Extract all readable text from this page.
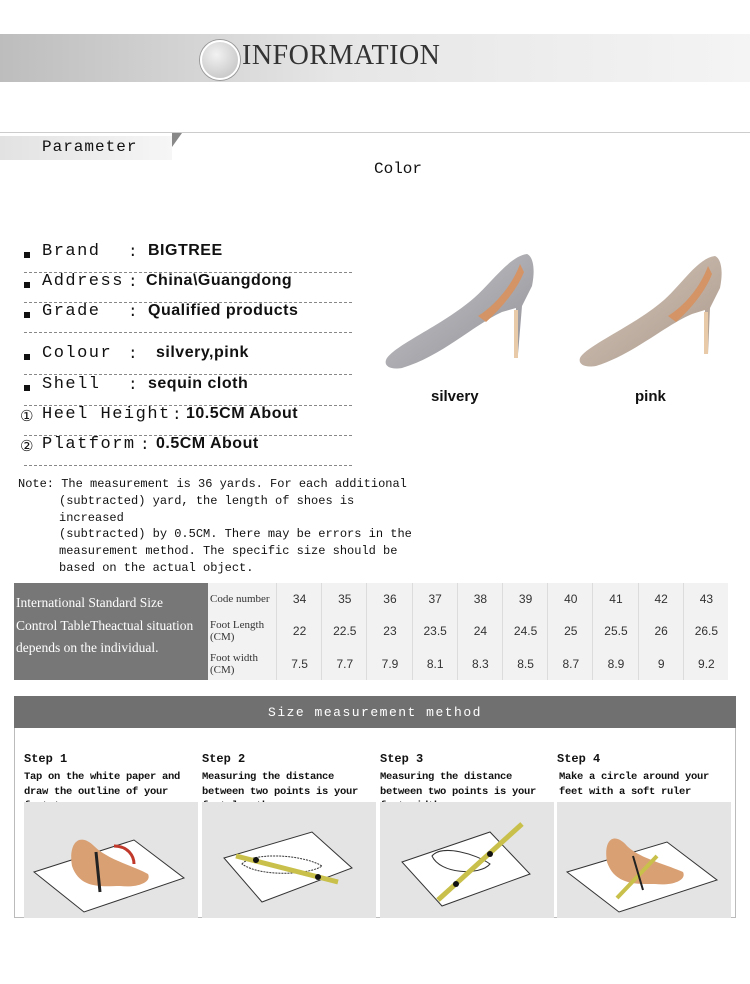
INFORMATION
Parameter
Color
Brand : BIGTREE
Address : China\Guangdong
Grade : Qualified products
Colour : silvery,pink
Shell : sequin cloth
① Heel Height : 10.5CM About
② Platform : 0.5CM About
silvery	pink
Note: The measurement is 36 yards. For each additional
(subtracted) yard, the length of shoes is increased
(subtracted) by 0.5CM. There may be errors in the
measurement method. The specific size should be
based on the actual object.
International Standard Size
Control TableTheactual situation
depends on the individual.
Code number	34	35	36	37	38	39	40	41	42	43
Foot Length (CM)	22	22.5	23	23.5	24	24.5	25	25.5	26	26.5
Foot width (CM)	7.5	7.7	7.9	8.1	8.3	8.5	8.7	8.9	9	9.2
Size measurement method
Step 1
Tap on the white paper and draw the outline of your footsteps
Step 2
Measuring the distance between two points is your foot length.
Step 3
Measuring the distance between two points is your foot width.
Step 4
Make a circle around your feet with a soft ruler
